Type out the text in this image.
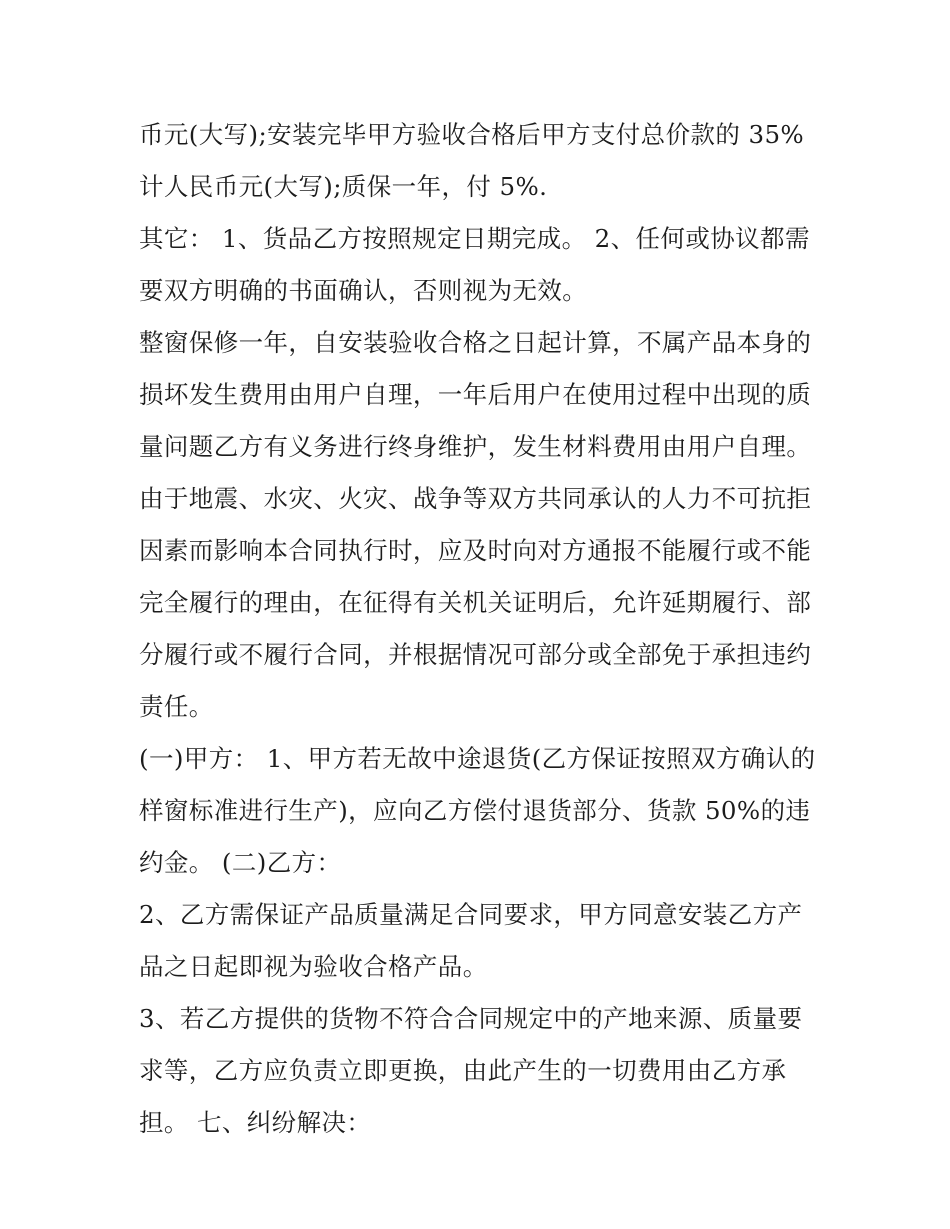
币元(大写);安装完毕甲方验收合格后甲方支付总价款的 35%
计人民币元(大写);质保一年，付 5%.
其它： 1、货品乙方按照规定日期完成。 2、任何或协议都需
要双方明确的书面确认，否则视为无效。
整窗保修一年，自安装验收合格之日起计算，不属产品本身的
损坏发生费用由用户自理，一年后用户在使用过程中出现的质
量问题乙方有义务进行终身维护，发生材料费用由用户自理。
由于地震、水灾、火灾、战争等双方共同承认的人力不可抗拒
因素而影响本合同执行时，应及时向对方通报不能履行或不能
完全履行的理由，在征得有关机关证明后，允许延期履行、部
分履行或不履行合同，并根据情况可部分或全部免于承担违约
责任。
(一)甲方： 1、甲方若无故中途退货(乙方保证按照双方确认的
样窗标准进行生产)，应向乙方偿付退货部分、货款 50%的违
约金。 (二)乙方：
2、乙方需保证产品质量满足合同要求，甲方同意安装乙方产
品之日起即视为验收合格产品。
3、若乙方提供的货物不符合合同规定中的产地来源、质量要
求等，乙方应负责立即更换，由此产生的一切费用由乙方承
担。 七、纠纷解决：
